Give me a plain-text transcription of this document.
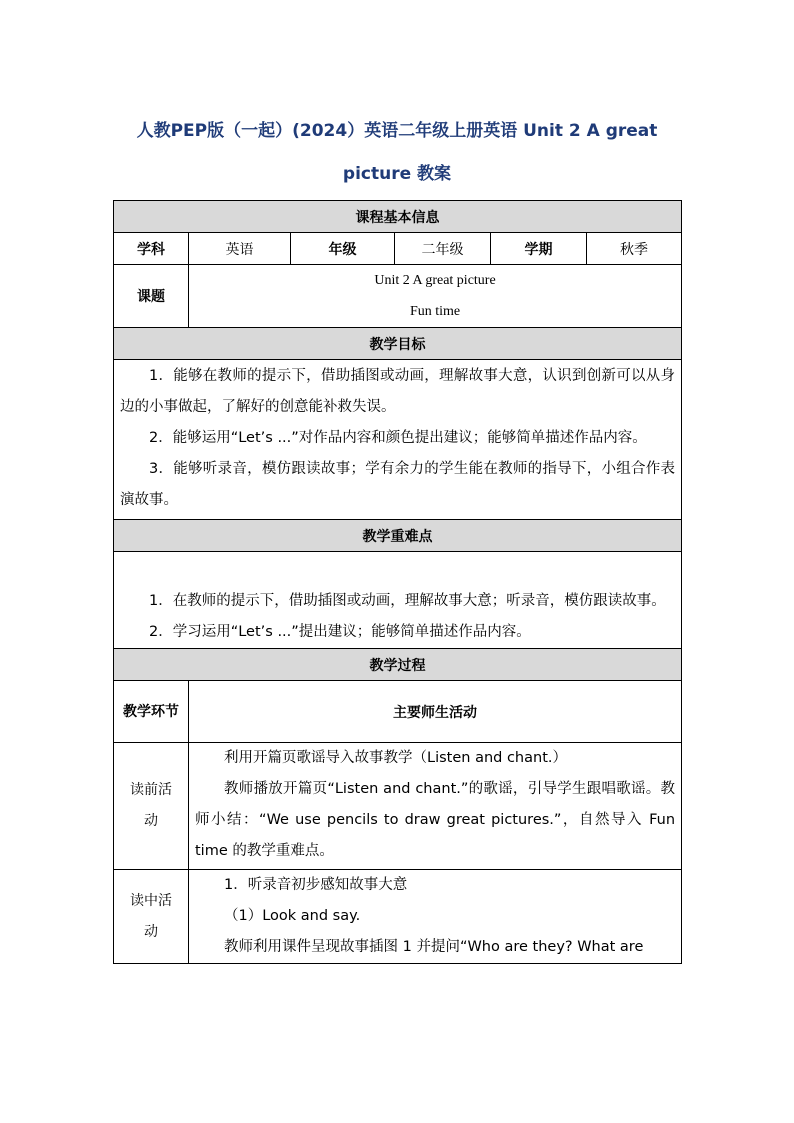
人教PEP版（一起）(2024）英语二年级上册英语 Unit 2 A great
picture 教案
课程基本信息					
学科	英语	年级	二年级	学期	秋季
课题	Unit 2 A great picture
Fun time				

教学目标					

1．能够在教师的提示下，借助插图或动画，理解故事大意，认识到创新可以从身边的小事做起，了解好的创意能补救失误。

2．能够运用“Let’s ...”对作品内容和颜色提出建议；能够简单描述作品内容。

3．能够听录音，模仿跟读故事；学有余力的学生能在教师的指导下，小组合作表演故事。					

教学重难点					

1．在教师的提示下，借助插图或动画，理解故事大意；听录音，模仿跟读故事。

2．学习运用“Let’s ...”提出建议；能够简单描述作品内容。					

教学过程					
教学环节	主要师生活动				
读前活动	利用开篇页歌谣导入故事教学（Listen and chant.）

教师播放开篇页“Listen and chant.”的歌谣，引导学生跟唱歌谣。教师小结：“We use pencils to draw great pictures.”，自然导入 Fun time 的教学重难点。				

读中活动	1．听录音初步感知故事大意

（1）Look and say.

教师利用课件呈现故事插图 1 并提问“Who are they? What are				
